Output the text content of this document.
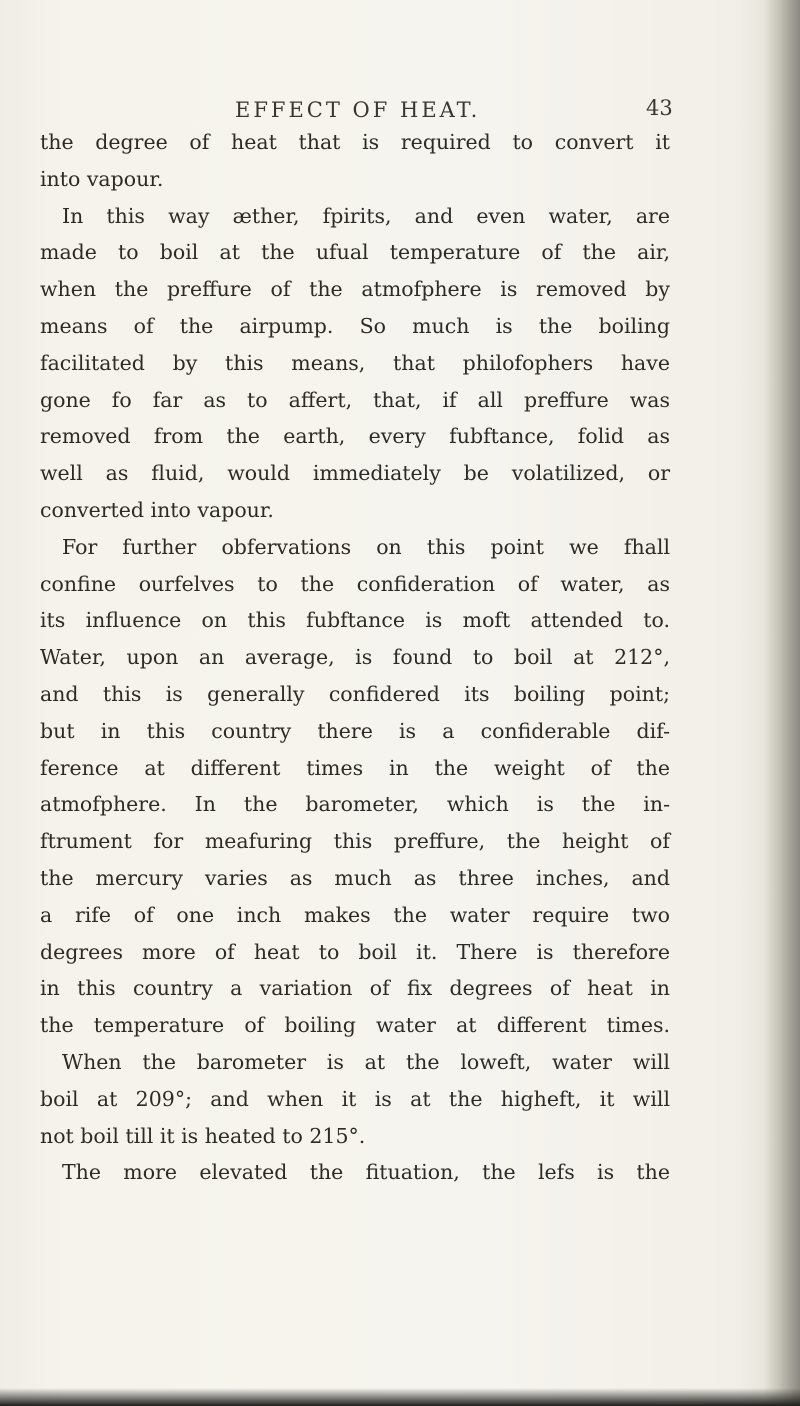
EFFECT OF HEAT.	43
the degree of heat that is required to convert it
into vapour.
In this way æther, fpirits, and even water, are
made to boil at the ufual temperature of the air,
when the preffure of the atmofphere is removed by
means of the airpump. So much is the boiling
facilitated by this means, that philofophers have
gone fo far as to affert, that, if all preffure was
removed from the earth, every fubftance, folid as
well as fluid, would immediately be volatilized, or
converted into vapour.
For further obfervations on this point we fhall
confine ourfelves to the confideration of water, as
its influence on this fubftance is moft attended to.
Water, upon an average, is found to boil at 212°,
and this is generally confidered its boiling point;
but in this country there is a confiderable dif-
ference at different times in the weight of the
atmofphere. In the barometer, which is the in-
ftrument for meafuring this preffure, the height of
the mercury varies as much as three inches, and
a rife of one inch makes the water require two
degrees more of heat to boil it. There is therefore
in this country a variation of fix degrees of heat in
the temperature of boiling water at different times.
When the barometer is at the loweft, water will
boil at 209°; and when it is at the higheft, it will
not boil till it is heated to 215°.
The more elevated the fituation, the lefs is the
